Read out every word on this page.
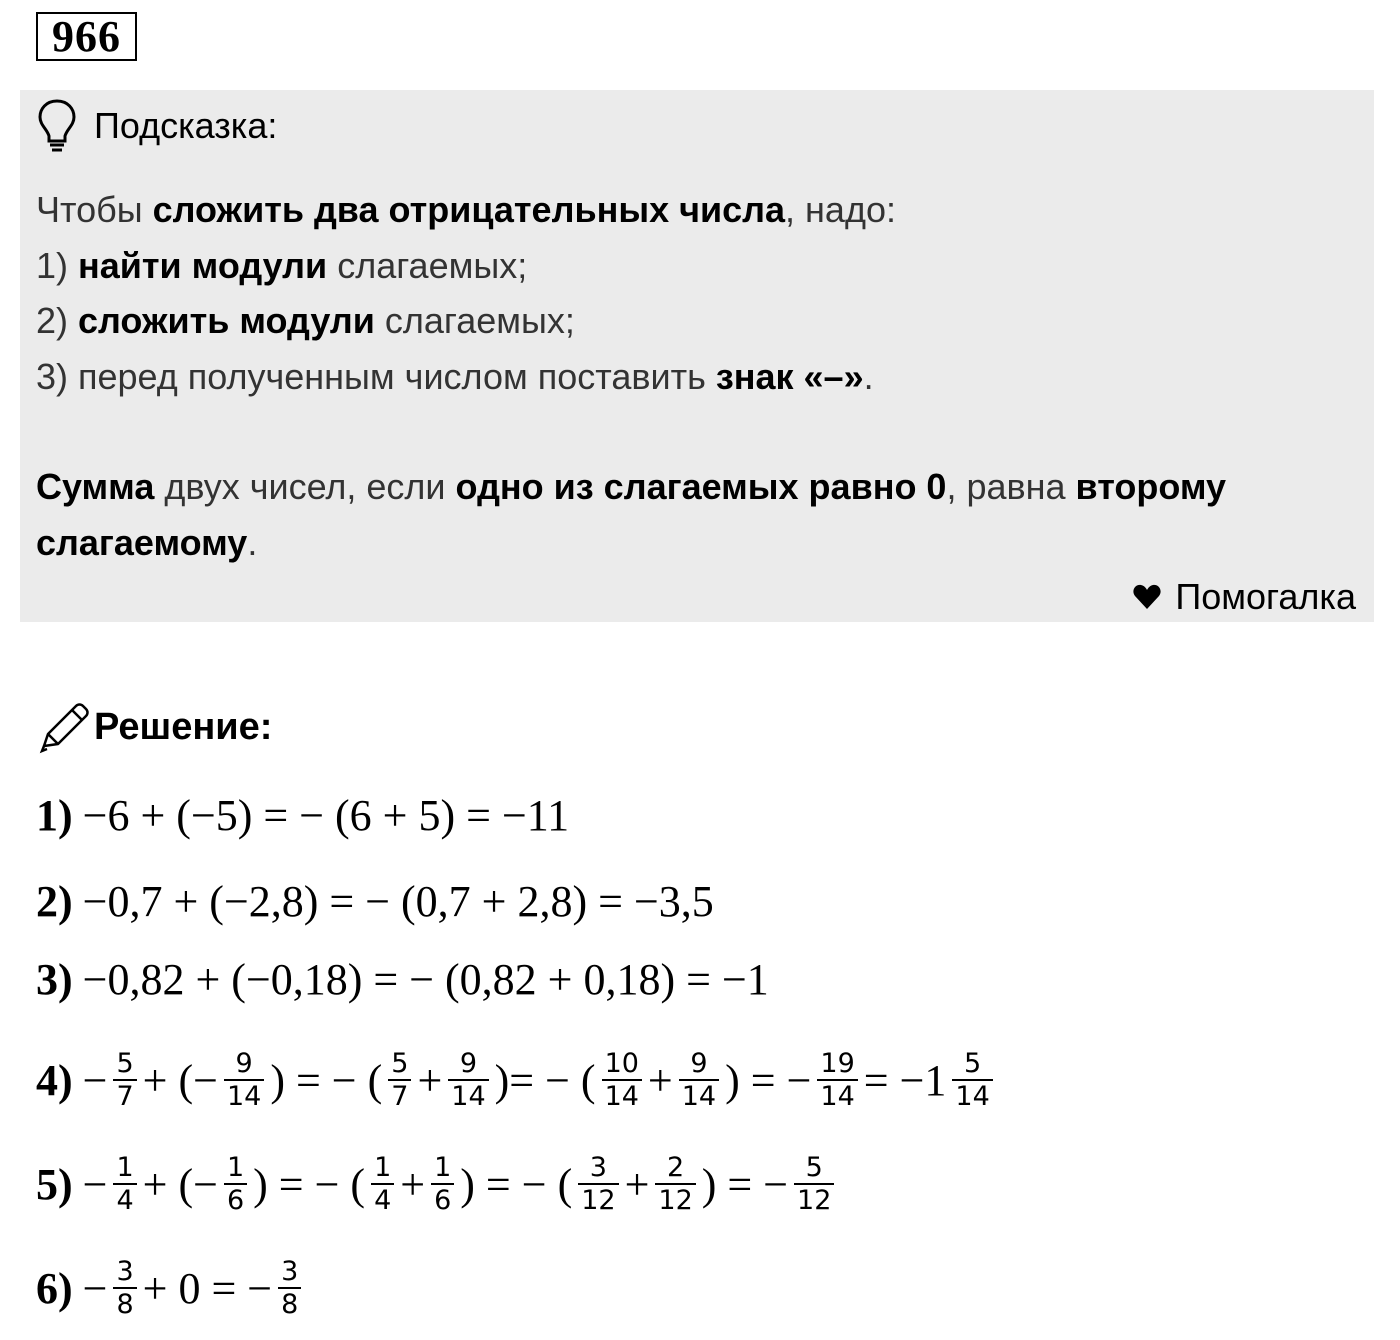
966
Подсказка:

Чтобы сложить два отрицательных числа, надо:

1) найти модули слагаемых;

2) сложить модули слагаемых;

3) перед полученным числом поставить знак «–».

Сумма двух чисел, если одно из слагаемых равно 0, равна второму слагаемому.

Помогалка
Решение:
1) −6 + (−5) = − (6 + 5) = −11
2) −0,7 + (−2,8) = − (0,7 + 2,8) = −3,5
3) −0,82 + (−0,18) = − (0,82 + 0,18) = −1
$4) - \frac{5}{7}$ + (− $\frac{9}{14}$ ) = − ( $\frac{5}{7} + \frac{9}{14}$ )= − ( $\frac{10}{14} + \frac{9}{14}$ ) = − $\frac{19}{14} = -1 \frac{5}{14}$
$5) - \frac{1}{4}$ + (− $\frac{1}{6}$ ) = − ( $\frac{1}{4} + \frac{1}{6}$ ) = − ( $\frac{3}{12} + \frac{2}{12}$ ) = − $\frac{5}{12}$
$6) - \frac{3}{8} + 0$ = − $\frac{3}{8}$
